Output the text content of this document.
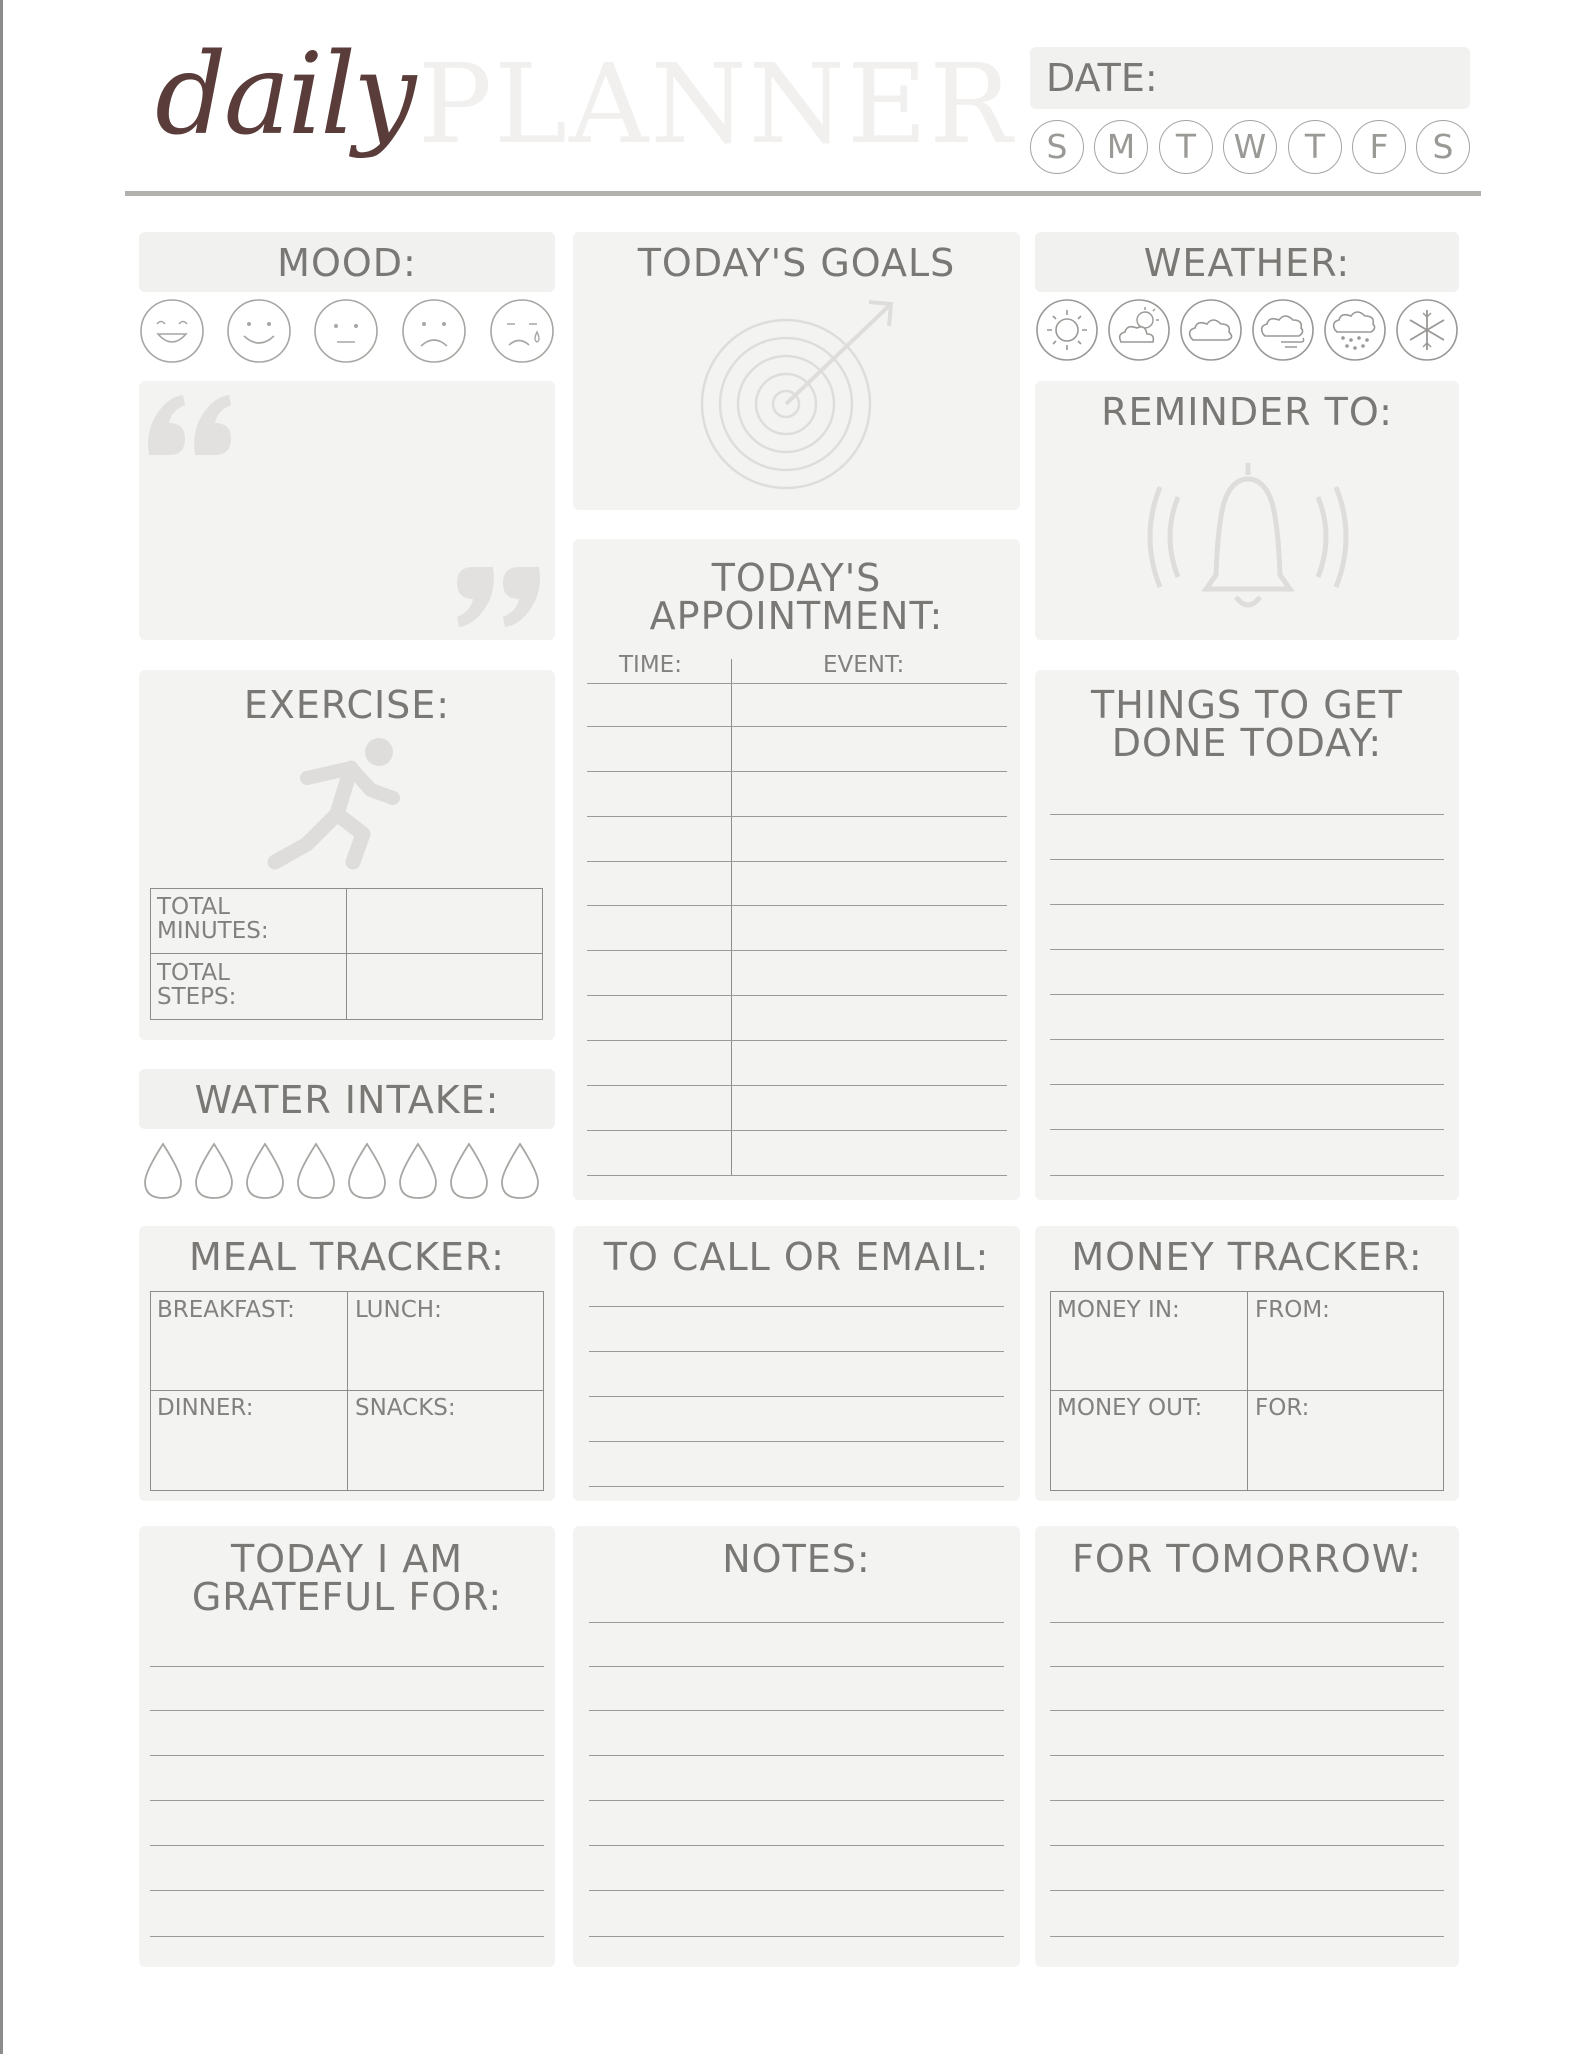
PLANNER
daily	DATE:
S	M	T	W	T	F	S
MOOD:	TODAY'S GOALS	WEATHER:
REMINDER TO:
TODAY'S
APPOINTMENT:
TIME:	EVENT:
EXERCISE:
TOTAL
MINUTES:
TOTAL
STEPS:
THINGS TO GET
DONE TODAY:
WATER INTAKE:
MEAL TRACKER:
BREAKFAST:	LUNCH:
DINNER:	SNACKS:
TO CALL OR EMAIL:	MONEY TRACKER:
MONEY IN:	FROM:
MONEY OUT: FOR:
TODAY I AM
GRATEFUL FOR:
NOTES:	FOR TOMORROW:
